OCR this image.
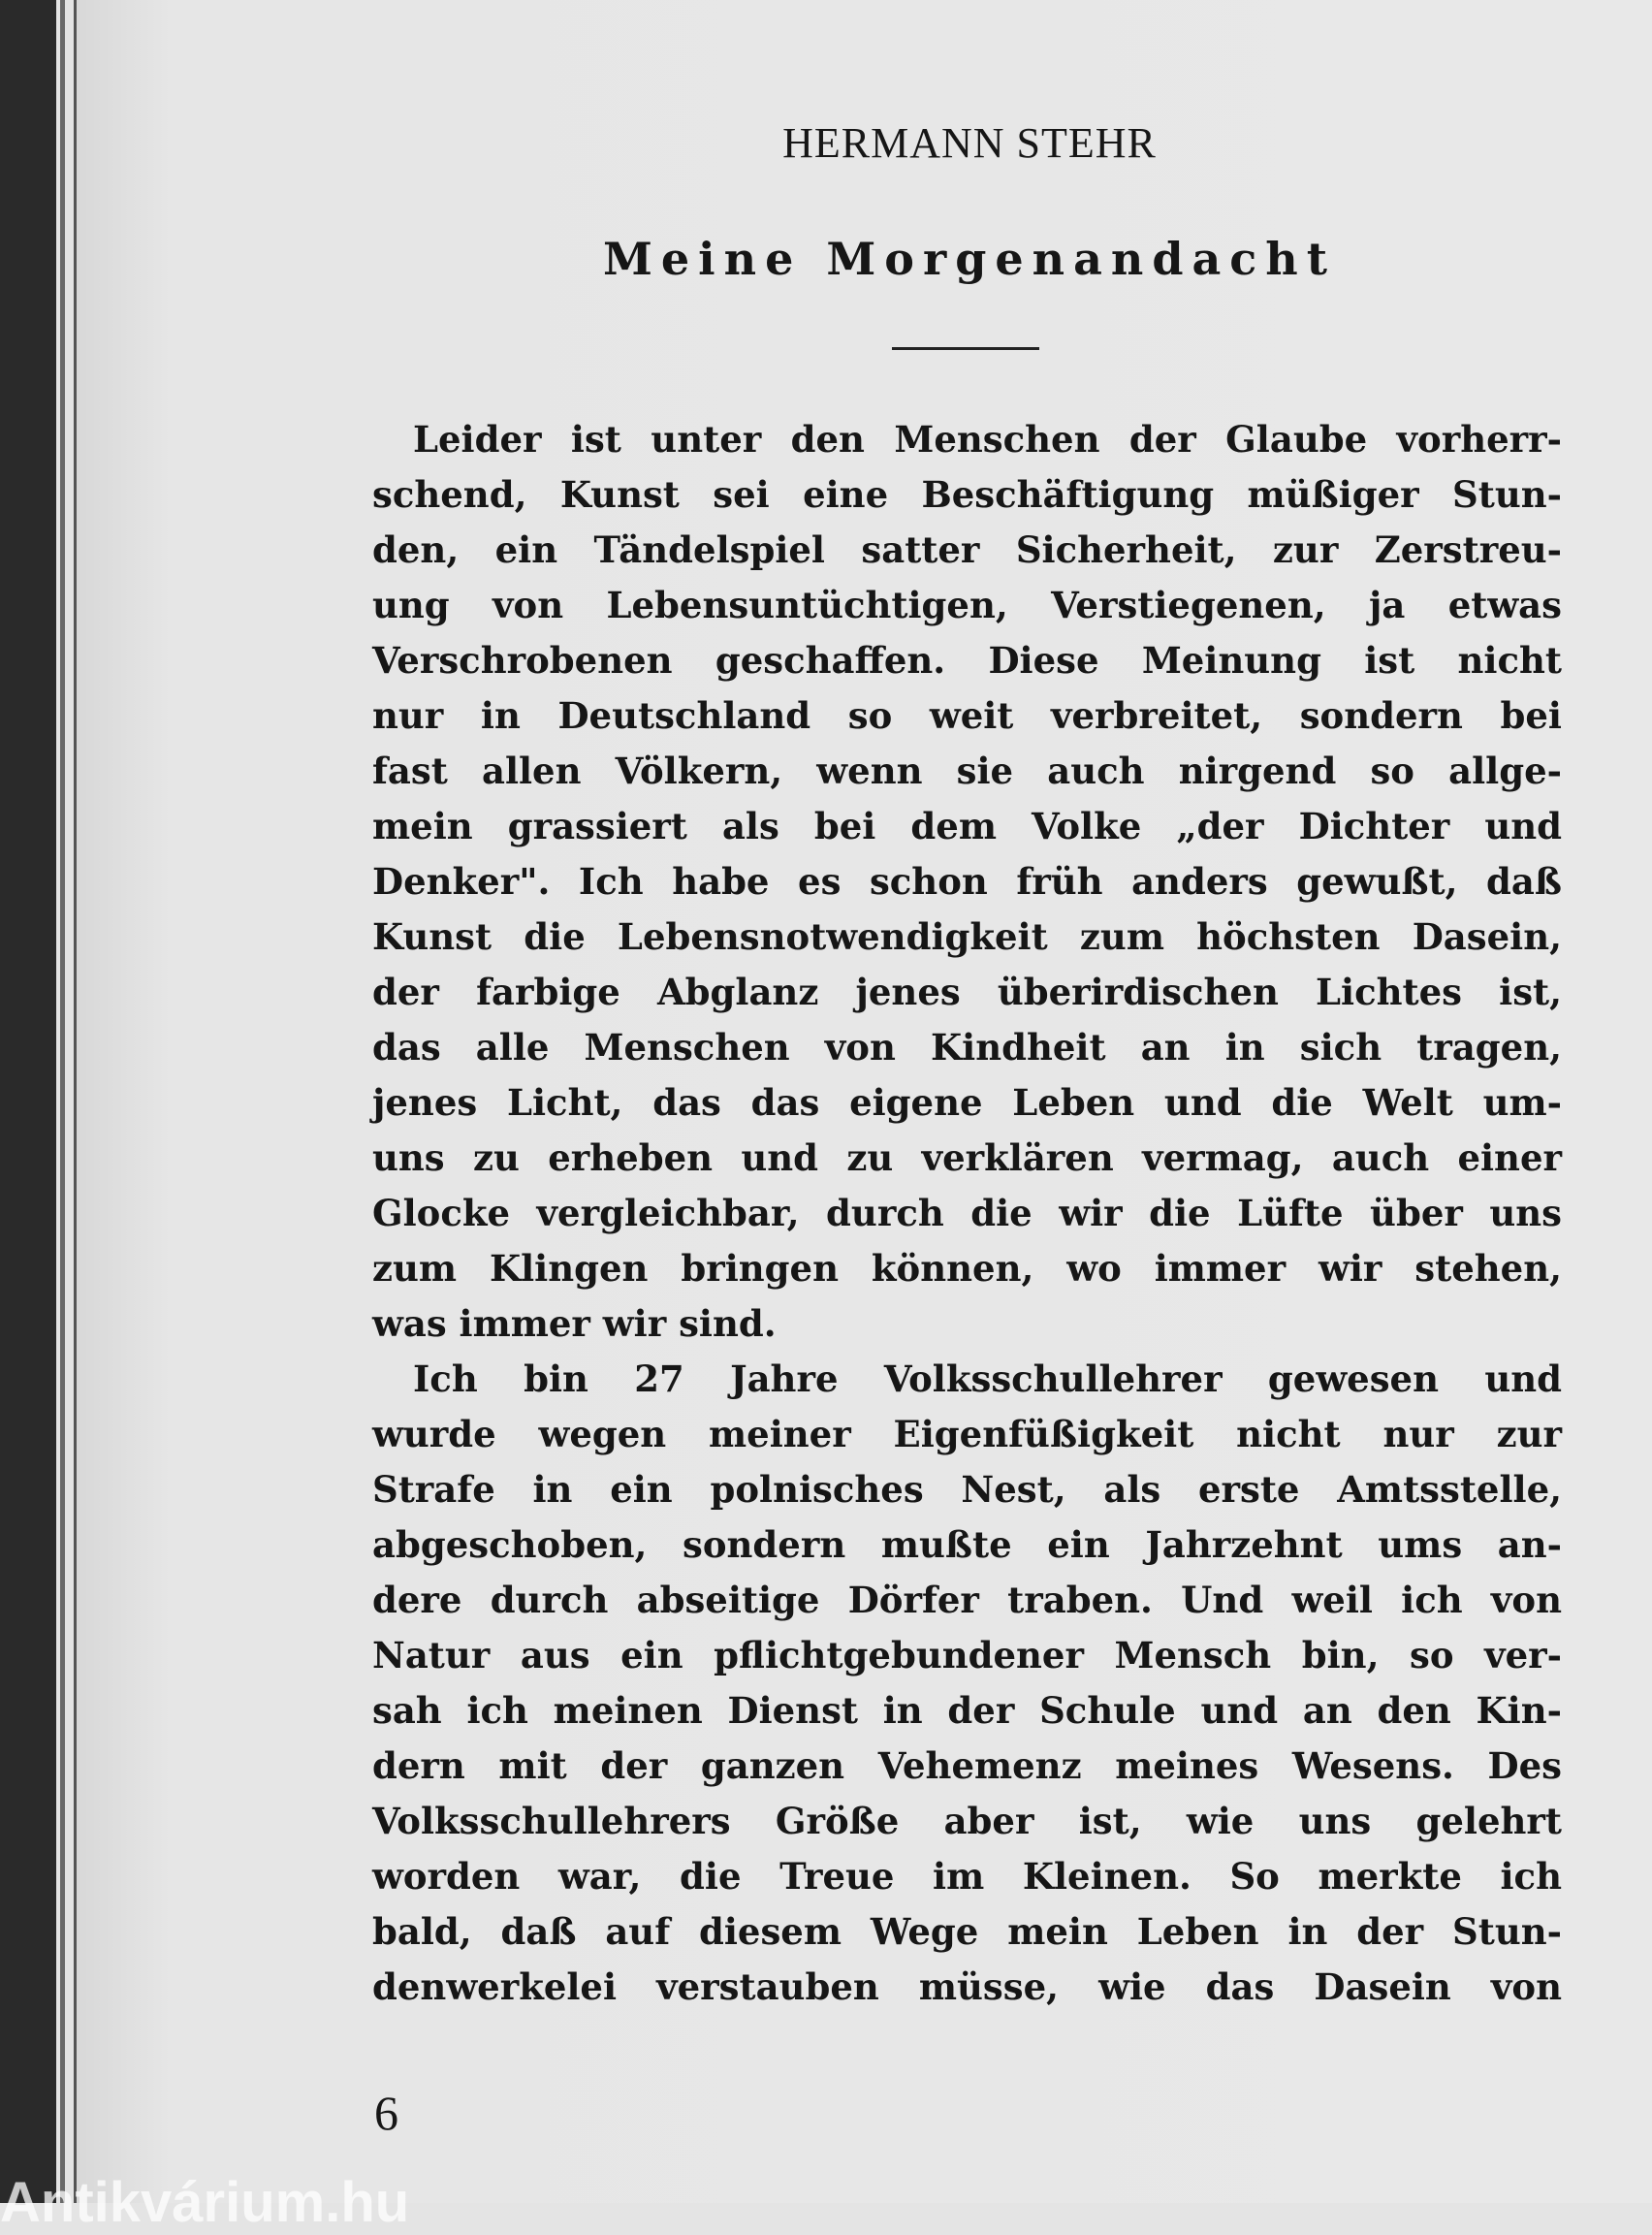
HERMANN STEHR
Meine Morgenandacht
Leider ist unter den Menschen der Glaube vorherr-
schend, Kunst sei eine Beschäftigung müßiger Stun-
den, ein Tändelspiel satter Sicherheit, zur Zerstreu-
ung von Lebensuntüchtigen, Verstiegenen, ja etwas
Verschrobenen geschaffen. Diese Meinung ist nicht
nur in Deutschland so weit verbreitet, sondern bei
fast allen Völkern, wenn sie auch nirgend so allge-
mein grassiert als bei dem Volke „der Dichter und
Denker". Ich habe es schon früh anders gewußt, daß
Kunst die Lebensnotwendigkeit zum höchsten Dasein,
der farbige Abglanz jenes überirdischen Lichtes ist,
das alle Menschen von Kindheit an in sich tragen,
jenes Licht, das das eigene Leben und die Welt um-
uns zu erheben und zu verklären vermag, auch einer
Glocke vergleichbar, durch die wir die Lüfte über uns
zum Klingen bringen können, wo immer wir stehen,
was immer wir sind.
Ich bin 27 Jahre Volksschullehrer gewesen und
wurde wegen meiner Eigenfüßigkeit nicht nur zur
Strafe in ein polnisches Nest, als erste Amtsstelle,
abgeschoben, sondern mußte ein Jahrzehnt ums an-
dere durch abseitige Dörfer traben. Und weil ich von
Natur aus ein pflichtgebundener Mensch bin, so ver-
sah ich meinen Dienst in der Schule und an den Kin-
dern mit der ganzen Vehemenz meines Wesens. Des
Volksschullehrers Größe aber ist, wie uns gelehrt
worden war, die Treue im Kleinen. So merkte ich
bald, daß auf diesem Wege mein Leben in der Stun-
denwerkelei verstauben müsse, wie das Dasein von
6
Antikvárium.hu
